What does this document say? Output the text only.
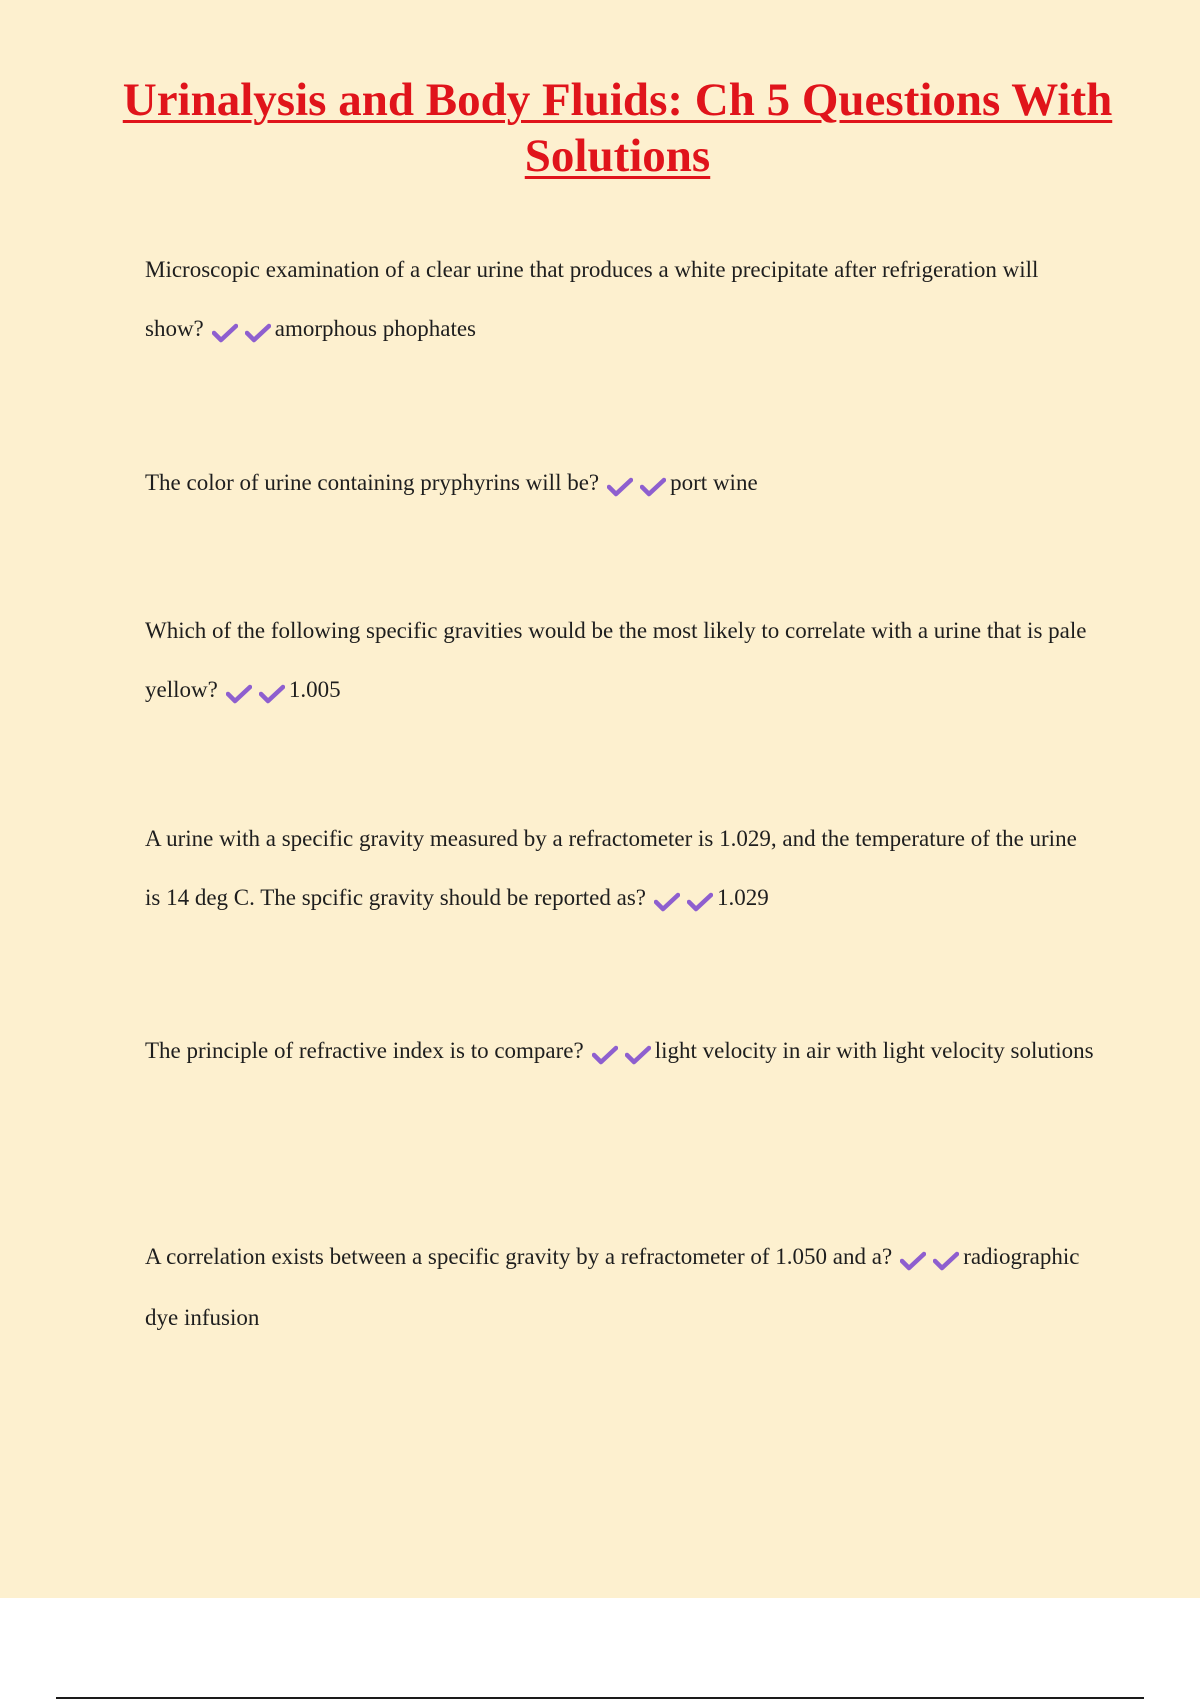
Urinalysis and Body Fluids: Ch 5 Questions With Solutions

Microscopic examination of a clear urine that produces a white precipitate after refrigeration will show?	amorphous phophates

The color of urine containing pryphyrins will be?	port wine

Which of the following specific gravities would be the most likely to correlate with a urine that is pale yellow?	1.005

A urine with a specific gravity measured by a refractometer is 1.029, and the temperature of the urine is 14 deg C. The spcific gravity should be reported as?	1.029

The principle of refractive index is to compare?	light velocity in air with light velocity solutions

A correlation exists between a specific gravity by a refractometer of 1.050 and a?	radiographic dye infusion
